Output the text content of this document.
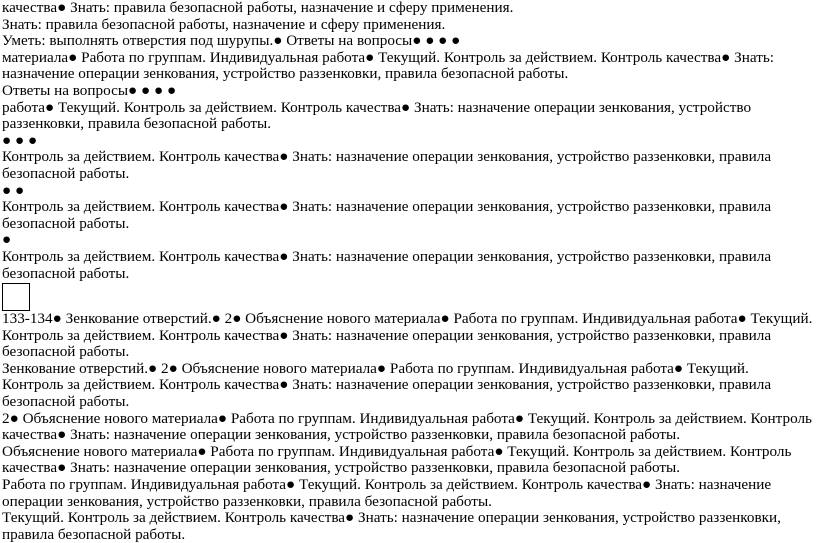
качества● Знать: правила безопасной работы, назначение и сферу применения.

Знать: правила безопасной работы, назначение и сферу применения.

Уметь: выполнять отверстия под шурупы.● Ответы на вопросы● ● ● ●

материала● Работа по группам. Индивидуальная работа● Текущий. Контроль за действием. Контроль качества● Знать: назначение операции зенкования, устройство раззенковки, правила безопасной работы.

Ответы на вопросы● ● ● ●

работа● Текущий. Контроль за действием. Контроль качества● Знать: назначение операции зенкования, устройство раззенковки, правила безопасной работы.

● ● ●

Контроль за действием. Контроль качества● Знать: назначение операции зенкования, устройство раззенковки, правила безопасной работы.

● ●

Контроль за действием. Контроль качества● Знать: назначение операции зенкования, устройство раззенковки, правила безопасной работы.

●

Контроль за действием. Контроль качества● Знать: назначение операции зенкования, устройство раззенковки, правила безопасной работы.

133-134● Зенкование отверстий.● 2● Объяснение нового материала● Работа по группам. Индивидуальная работа● Текущий. Контроль за действием. Контроль качества● Знать: назначение операции зенкования, устройство раззенковки, правила безопасной работы.

Зенкование отверстий.● 2● Объяснение нового материала● Работа по группам. Индивидуальная работа● Текущий. Контроль за действием. Контроль качества● Знать: назначение операции зенкования, устройство раззенковки, правила безопасной работы.

2● Объяснение нового материала● Работа по группам. Индивидуальная работа● Текущий. Контроль за действием. Контроль качества● Знать: назначение операции зенкования, устройство раззенковки, правила безопасной работы.

Объяснение нового материала● Работа по группам. Индивидуальная работа● Текущий. Контроль за действием. Контроль качества● Знать: назначение операции зенкования, устройство раззенковки, правила безопасной работы.

Работа по группам. Индивидуальная работа● Текущий. Контроль за действием. Контроль качества● Знать: назначение операции зенкования, устройство раззенковки, правила безопасной работы.

Текущий. Контроль за действием. Контроль качества● Знать: назначение операции зенкования, устройство раззенковки, правила безопасной работы.
